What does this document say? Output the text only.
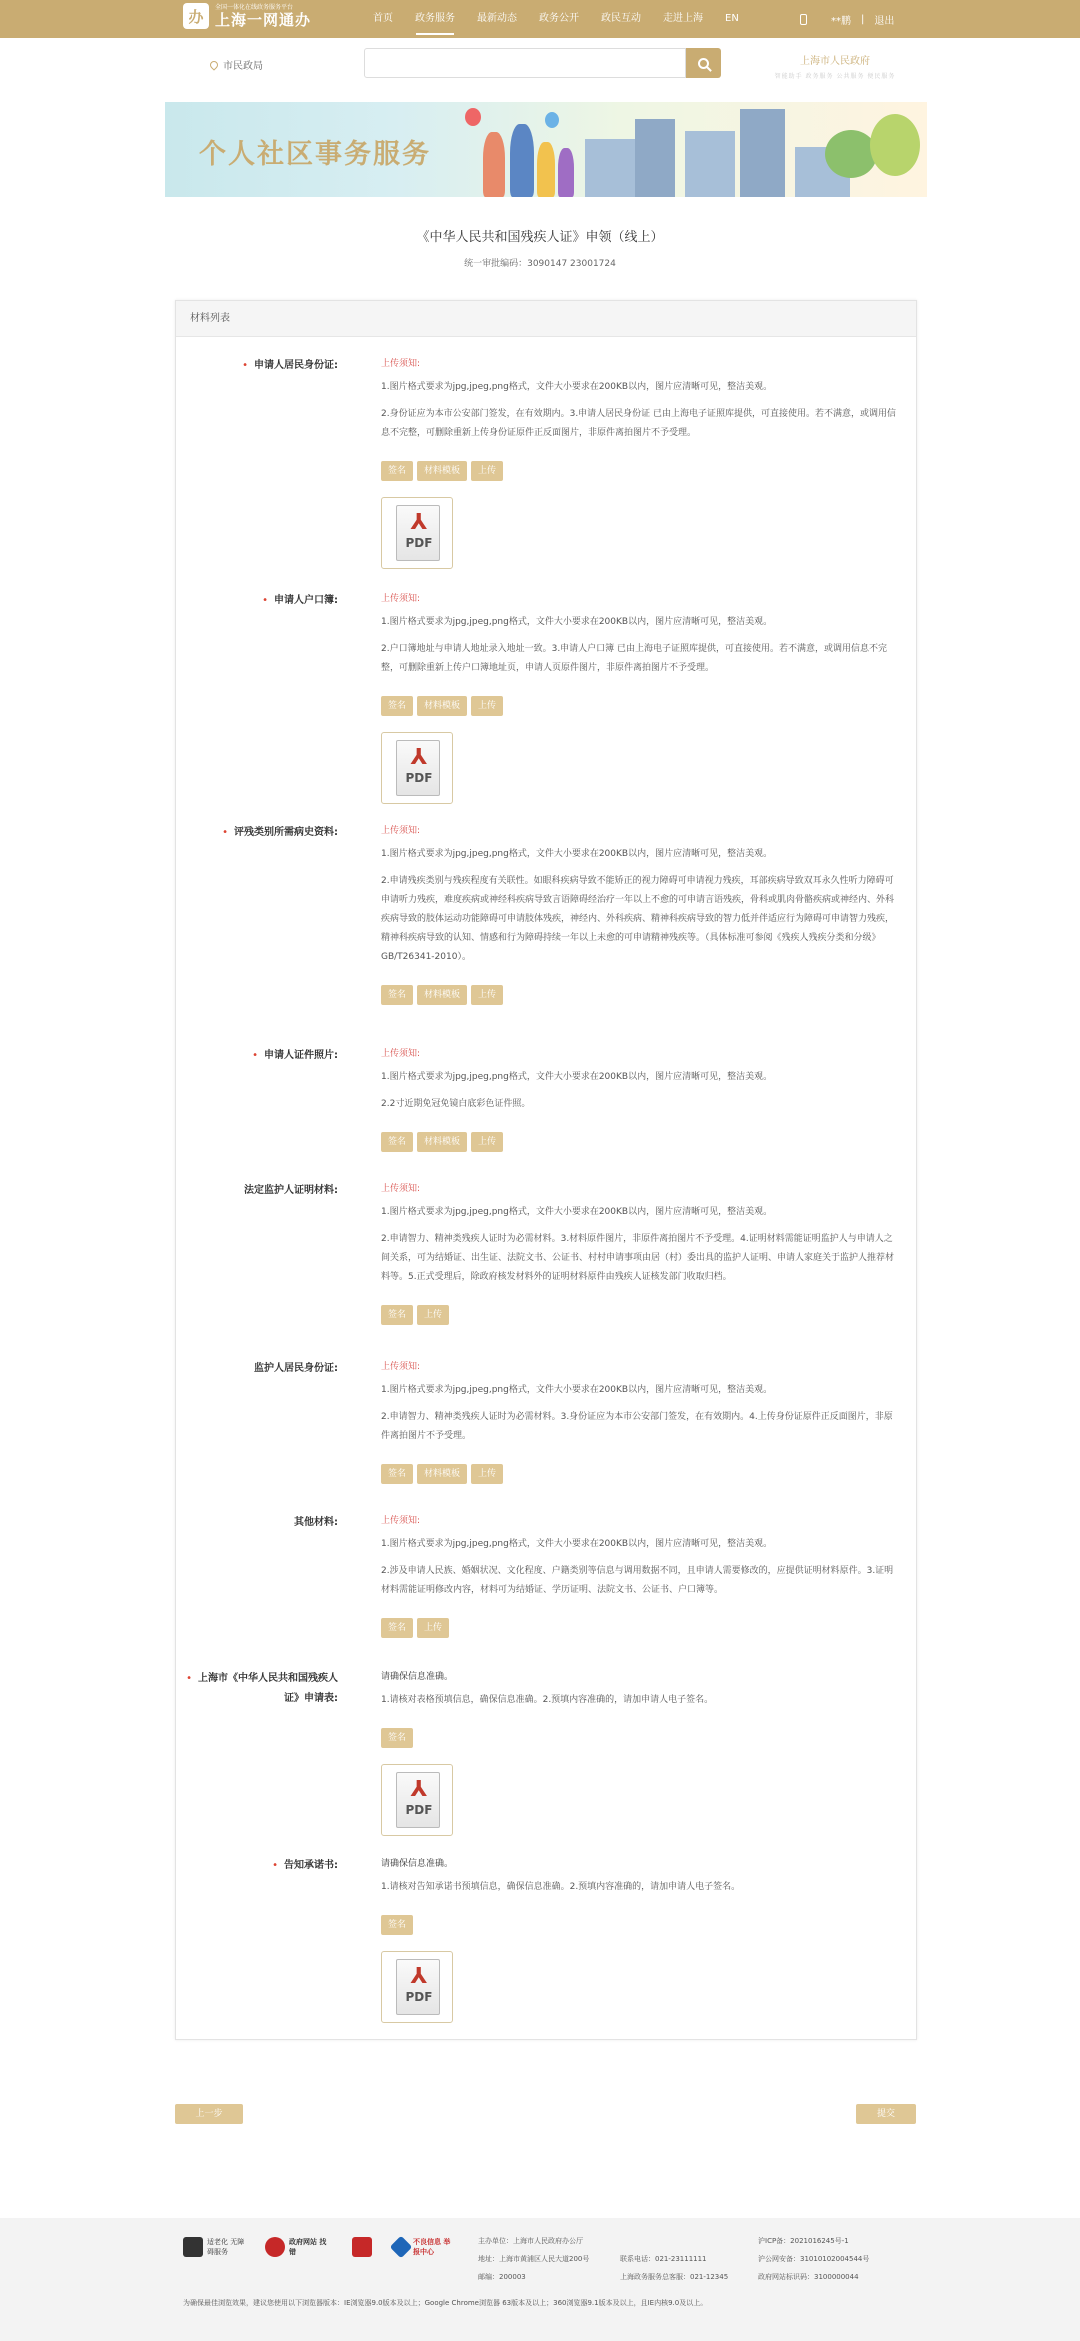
办
全国一体化在线政务服务平台
上海一网通办	首页	政务服务	最新动态	政务公开	政民互动	走进上海	EN	**鹏 | 退出
市民政局	上海市人民政府
智能助手 政务服务 公共服务 便民服务
个人社区事务服务
《中华人民共和国残疾人证》申领（线上）
统一审批编码：3090147 23001724
材料列表
• 申请人居民身份证:	上传须知:
1.图片格式要求为jpg,jpeg,png格式，文件大小要求在200KB以内，图片应清晰可见，整洁美观。
2.身份证应为本市公安部门签发，在有效期内。3.申请人居民身份证 已由上海电子证照库提供，可直接使用。若不满意，或调用信息不完整，可删除重新上传身份证原件正反面图片，非原件离拍图片不予受理。
签名	材料模板	上传
⅄
PDF
• 申请人户口簿:	上传须知:
1.图片格式要求为jpg,jpeg,png格式，文件大小要求在200KB以内，图片应清晰可见，整洁美观。
2.户口簿地址与申请人地址录入地址一致。3.申请人户口簿 已由上海电子证照库提供，可直接使用。若不满意，或调用信息不完整，可删除重新上传户口簿地址页，申请人页原件图片，非原件离拍图片不予受理。
签名	材料模板	上传
⅄
PDF
• 评残类别所需病史资料:	上传须知:
1.图片格式要求为jpg,jpeg,png格式，文件大小要求在200KB以内，图片应清晰可见，整洁美观。
2.申请残疾类别与残疾程度有关联性。如眼科疾病导致不能矫正的视力障碍可申请视力残疾，耳部疾病导致双耳永久性听力障碍可申请听力残疾，难度疾病或神经科疾病导致言语障碍经治疗一年以上不愈的可申请言语残疾，骨科或肌肉骨骼疾病或神经内、外科疾病导致的肢体运动功能障碍可申请肢体残疾，神经内、外科疾病、精神科疾病导致的智力低并伴适应行为障碍可申请智力残疾，精神科疾病导致的认知、情感和行为障碍持续一年以上未愈的可申请精神残疾等。（具体标准可参阅《残疾人残疾分类和分级》GB/T26341-2010）。
签名	材料模板	上传
• 申请人证件照片:	上传须知:
1.图片格式要求为jpg,jpeg,png格式，文件大小要求在200KB以内，图片应清晰可见，整洁美观。
2.2寸近期免冠免镜白底彩色证件照。
签名	材料模板	上传
法定监护人证明材料:	上传须知:
1.图片格式要求为jpg,jpeg,png格式，文件大小要求在200KB以内，图片应清晰可见，整洁美观。
2.申请智力、精神类残疾人证时为必需材料。3.材料原件图片，非原件离拍图片不予受理。4.证明材料需能证明监护人与申请人之间关系，可为结婚证、出生证、法院文书、公证书、村村申请事项由居（村）委出具的监护人证明、申请人家庭关于监护人推荐材料等。5.正式受理后，除政府核发材料外的证明材料原件由残疾人证核发部门收取归档。
签名	上传
监护人居民身份证:	上传须知:
1.图片格式要求为jpg,jpeg,png格式，文件大小要求在200KB以内，图片应清晰可见，整洁美观。
2.申请智力、精神类残疾人证时为必需材料。3.身份证应为本市公安部门签发，在有效期内。4.上传身份证原件正反面图片，非原件离拍图片不予受理。
签名	材料模板	上传
其他材料:	上传须知:
1.图片格式要求为jpg,jpeg,png格式，文件大小要求在200KB以内，图片应清晰可见，整洁美观。
2.涉及申请人民族、婚姻状况、文化程度、户籍类别等信息与调用数据不同，且申请人需要修改的，应提供证明材料原件。3.证明材料需能证明修改内容，材料可为结婚证、学历证明、法院文书、公证书、户口簿等。
签名	上传
• 上海市《中华人民共和国残疾人证》申请表:
请确保信息准确。
1.请核对表格预填信息，确保信息准确。2.预填内容准确的，请加申请人电子签名。
签名
⅄
PDF
• 告知承诺书:	请确保信息准确。
1.请核对告知承诺书预填信息，确保信息准确。2.预填内容准确的，请加申请人电子签名。
签名
⅄
PDF
上一步	提交
适老化 无障碍服务
政府网站 找错
不良信息 举报中心
主办单位：上海市人民政府办公厅
地址：上海市黄浦区人民大道200号
邮编：200003
联系电话：021-23111111
上海政务服务总客服：021-12345
沪ICP备：2021016245号-1
沪公网安备：31010102004544号
政府网站标识码：3100000044
为确保最佳浏览效果，建议您使用以下浏览器版本：IE浏览器9.0版本及以上；Google Chrome浏览器 63版本及以上；360浏览器9.1版本及以上，且IE内核9.0及以上。
